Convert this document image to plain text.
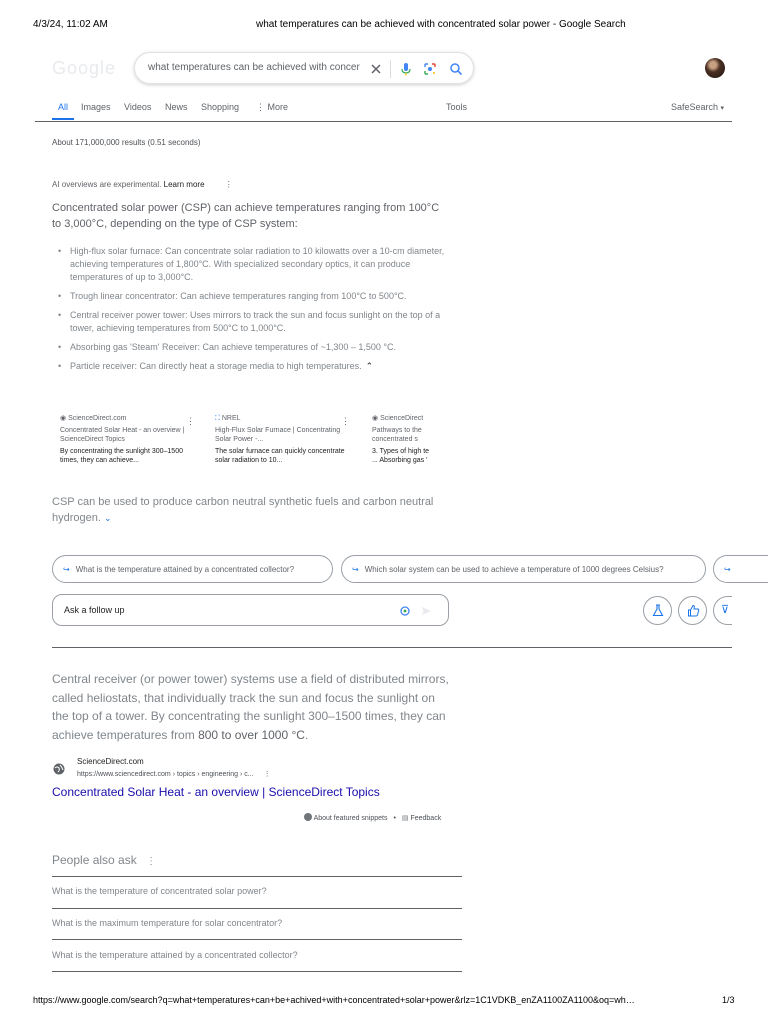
4/3/24, 11:02 AM	what temperatures can be achieved with concentrated solar power - Google Search
Google	what temperatures can be achieved with concer
All Images Videos News Shopping ⋮ More	Tools	SafeSearch ▾
About 171,000,000 results (0.51 seconds)
AI overviews are experimental. Learn more	⋮
Concentrated solar power (CSP) can achieve temperatures ranging from 100°C to 3,000°C, depending on the type of CSP system:
• High-flux solar furnace: Can concentrate solar radiation to 10 kilowatts over a 10-cm diameter, achieving temperatures of 1,800°C. With specialized secondary optics, it can produce temperatures of up to 3,000°C.
• Trough linear concentrator: Can achieve temperatures ranging from 100°C to 500°C.
• Central receiver power tower: Uses mirrors to track the sun and focus sunlight on the top of a tower, achieving temperatures from 500°C to 1,000°C.
• Absorbing gas 'Steam' Receiver: Can achieve temperatures of ~1,300 – 1,500 °C.
• Particle receiver: Can directly heat a storage media to high temperatures. ⌃
◉ ScienceDirect.com
Concentrated Solar Heat - an overview | ScienceDirect Topics
By concentrating the sunlight 300–1500 times, they can achieve...
⋮	⛶ NREL
High-Flux Solar Furnace | Concentrating Solar Power -...
The solar furnace can quickly concentrate solar radiation to 10...
⋮	◉ ScienceDirect
Pathways to the concentrated s
3. Types of high te ... Absorbing gas '
CSP can be used to produce carbon neutral synthetic fuels and carbon neutral hydrogen. ⌄
↪ What is the temperature attained by a concentrated collector?	↪ Which solar system can be used to achieve a temperature of 1000 degrees Celsius?	↪
Ask a follow up	⊽
Central receiver (or power tower) systems use a field of distributed mirrors, called heliostats, that individually track the sun and focus the sunlight on the top of a tower. By concentrating the sunlight 300–1500 times, they can achieve temperatures from 800 to over 1000 °C.
ScienceDirect.com
https://www.sciencedirect.com › topics › engineering › c... ⋮
Concentrated Solar Heat - an overview | ScienceDirect Topics
About featured snippets • ▤ Feedback
People also ask ⋮
What is the temperature of concentrated solar power?
What is the maximum temperature for solar concentrator?
What is the temperature attained by a concentrated collector?
https://www.google.com/search?q=what+temperatures+can+be+achived+with+concentrated+solar+power&rlz=1C1VDKB_enZA1100ZA1100&oq=wh…	1/3
